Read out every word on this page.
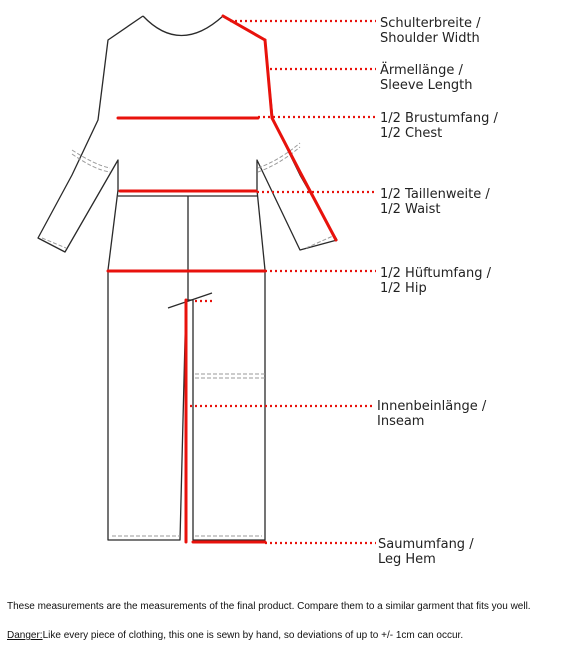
Schulterbreite /
Shoulder Width
Ärmellänge /
Sleeve Length
1/2 Brustumfang /
1/2 Chest
1/2 Taillenweite /
1/2 Waist
1/2 Hüftumfang /
1/2 Hip
Innenbeinlänge /
Inseam
Saumumfang /
Leg Hem
These measurements are the measurements of the final product. Compare them to a similar garment that fits you well.
Danger:Like every piece of clothing, this one is sewn by hand, so deviations of up to +/- 1cm can occur.
